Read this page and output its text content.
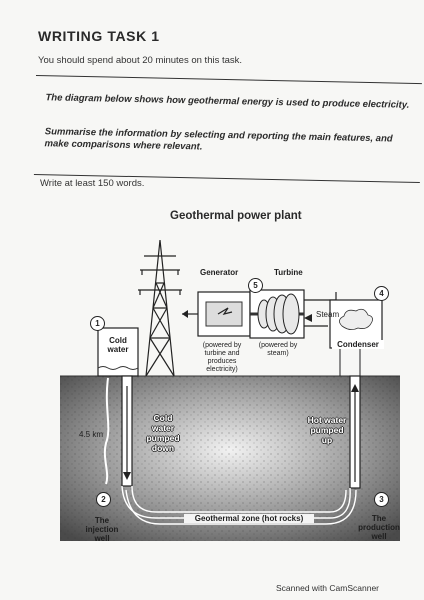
WRITING TASK 1
You should spend about 20 minutes on this task.

The diagram below shows how geothermal energy is used to produce electricity.

Summarise the information by selecting and reporting the main features, and make comparisons where relevant.

Write at least 150 words.
Geothermal power plant
Generator	Turbine
Steam
Condenser
Cold water	(powered by turbine and produces electricity)
(powered by steam)
4.5 km
Cold water pumped down
Hot water pumped up
Geothermal zone (hot rocks)
The injection well
The production well
1
2	3
4
5
Scanned with CamScanner
